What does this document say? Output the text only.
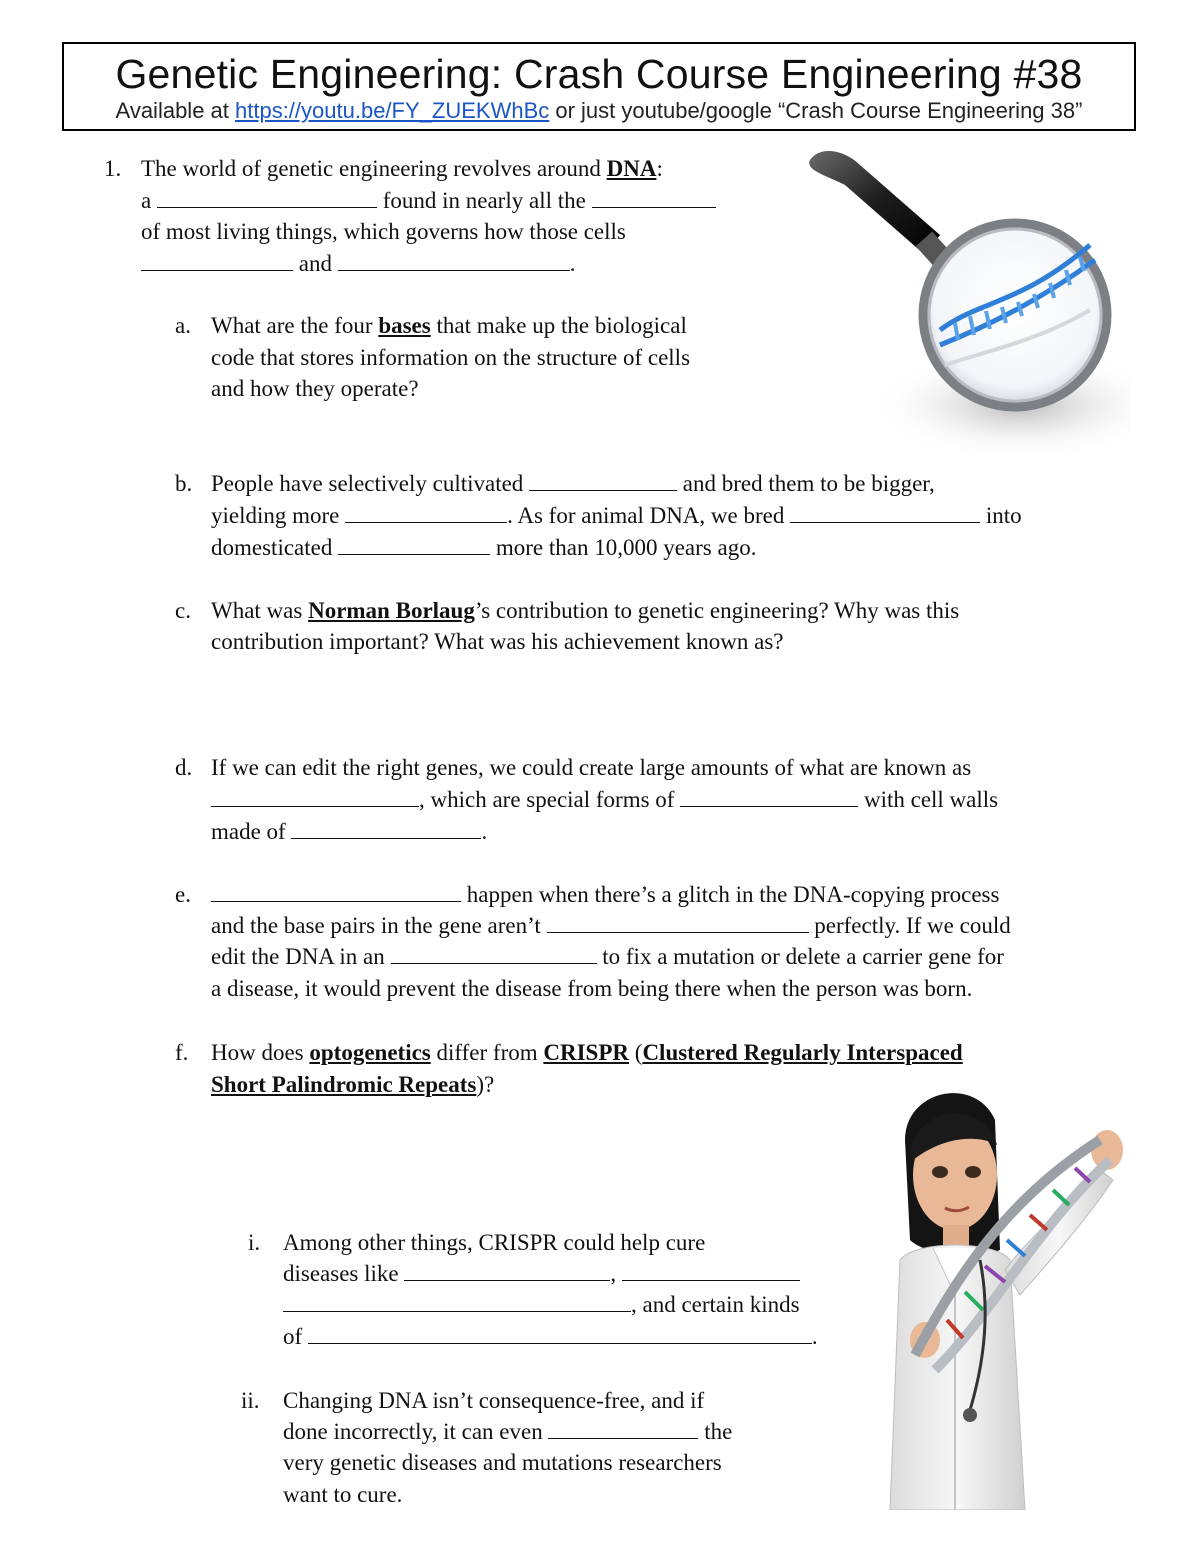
Genetic Engineering: Crash Course Engineering #38
Available at https://youtu.be/FY_ZUEKWhBc or just youtube/google “Crash Course Engineering 38”
1. The world of genetic engineering revolves around DNA:
a	found in nearly all the
of most living things, which governs how those cells
and	.
a. What are the four bases that make up the biological
code that stores information on the structure of cells
and how they operate?
b. People have selectively cultivated	and bred them to be bigger,
yielding more	. As for animal DNA, we bred	into
domesticated	more than 10,000 years ago.
c. What was Norman Borlaug’s contribution to genetic engineering? Why was this
contribution important? What was his achievement known as?
d. If we can edit the right genes, we could create large amounts of what are known as
, which are special forms of	with cell walls
made of	.
e.	happen when there’s a glitch in the DNA-copying process
and the base pairs in the gene aren’t	perfectly. If we could
edit the DNA in an	to fix a mutation or delete a carrier gene for
a disease, it would prevent the disease from being there when the person was born.
f. How does optogenetics differ from CRISPR (Clustered Regularly Interspaced
Short Palindromic Repeats)?
i. Among other things, CRISPR could help cure
diseases like	,
, and certain kinds
of	.
ii. Changing DNA isn’t consequence-free, and if
done incorrectly, it can even	the
very genetic diseases and mutations researchers
want to cure.
